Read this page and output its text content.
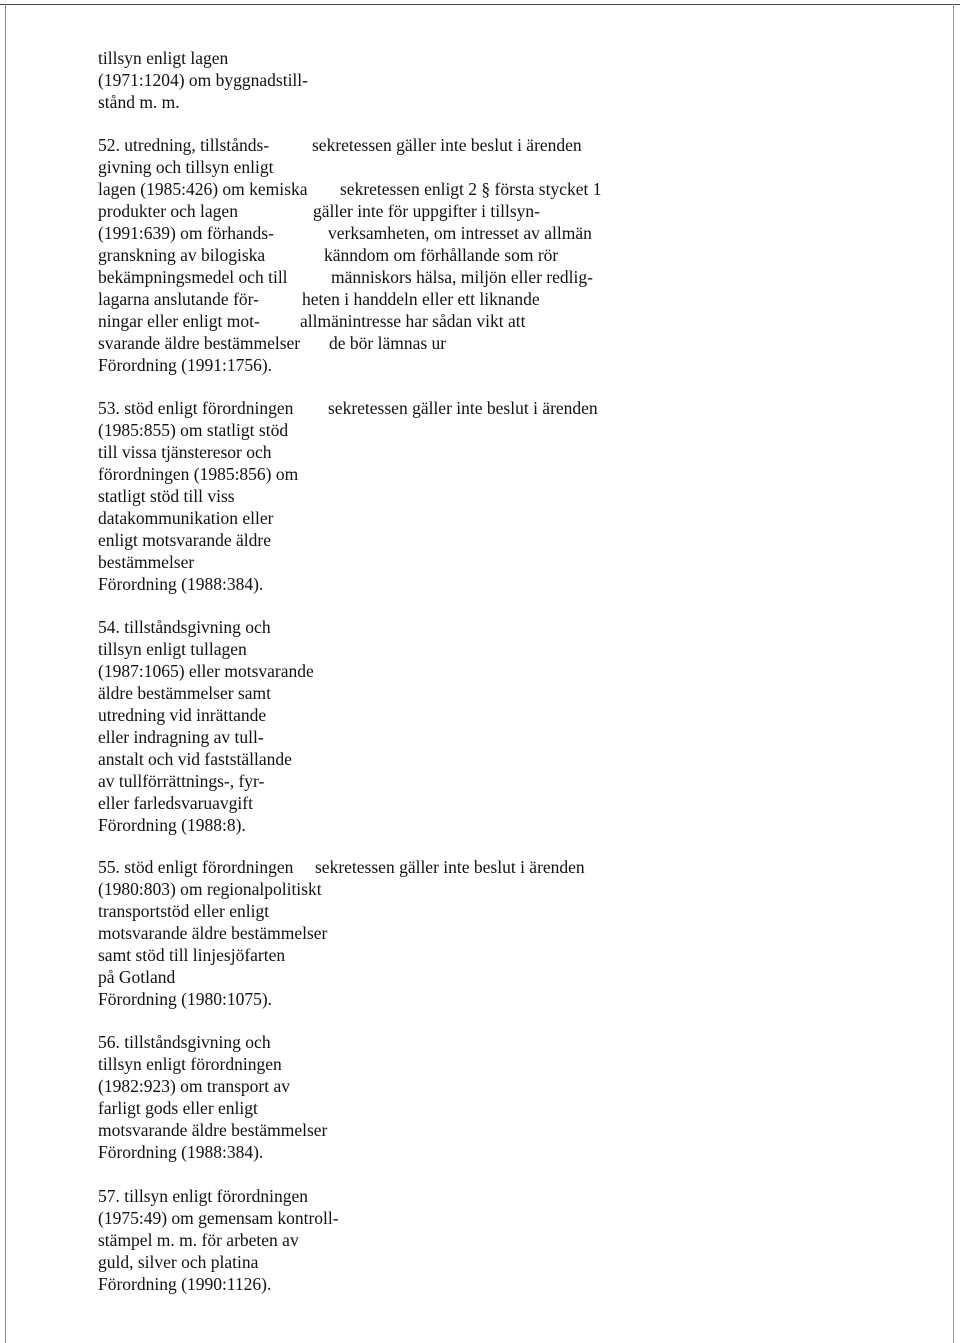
tillsyn enligt lagen
(1971:1204) om byggnadstill-
stånd m. m.
52. utredning, tillstånds-
givning och tillsyn enligt
lagen (1985:426) om kemiska
produkter och lagen
(1991:639) om förhands-
granskning av bilogiska
bekämpningsmedel och till
lagarna anslutande för-
ningar eller enligt mot-
svarande äldre bestämmelser
Förordning (1991:1756).
sekretessen gäller inte beslut i ärenden
sekretessen enligt 2 § första stycket 1
gäller inte för uppgifter i tillsyn-
verksamheten, om intresset av allmän
känndom om förhållande som rör
människors hälsa, miljön eller redlig-
heten i handdeln eller ett liknande
allmänintresse har sådan vikt att
de bör lämnas ur
53. stöd enligt förordningen
(1985:855) om statligt stöd
till vissa tjänsteresor och
förordningen (1985:856) om
statligt stöd till viss
datakommunikation eller
enligt motsvarande äldre
bestämmelser
Förordning (1988:384).
sekretessen gäller inte beslut i ärenden
54. tillståndsgivning och
tillsyn enligt tullagen
(1987:1065) eller motsvarande
äldre bestämmelser samt
utredning vid inrättande
eller indragning av tull-
anstalt och vid fastställande
av tullförrättnings-, fyr-
eller farledsvaruavgift
Förordning (1988:8).
55. stöd enligt förordningen
(1980:803) om regionalpolitiskt
transportstöd eller enligt
motsvarande äldre bestämmelser
samt stöd till linjesjöfarten
på Gotland
Förordning (1980:1075).
sekretessen gäller inte beslut i ärenden
56. tillståndsgivning och
tillsyn enligt förordningen
(1982:923) om transport av
farligt gods eller enligt
motsvarande äldre bestämmelser
Förordning (1988:384).
57. tillsyn enligt förordningen
(1975:49) om gemensam kontroll-
stämpel m. m. för arbeten av
guld, silver och platina
Förordning (1990:1126).
